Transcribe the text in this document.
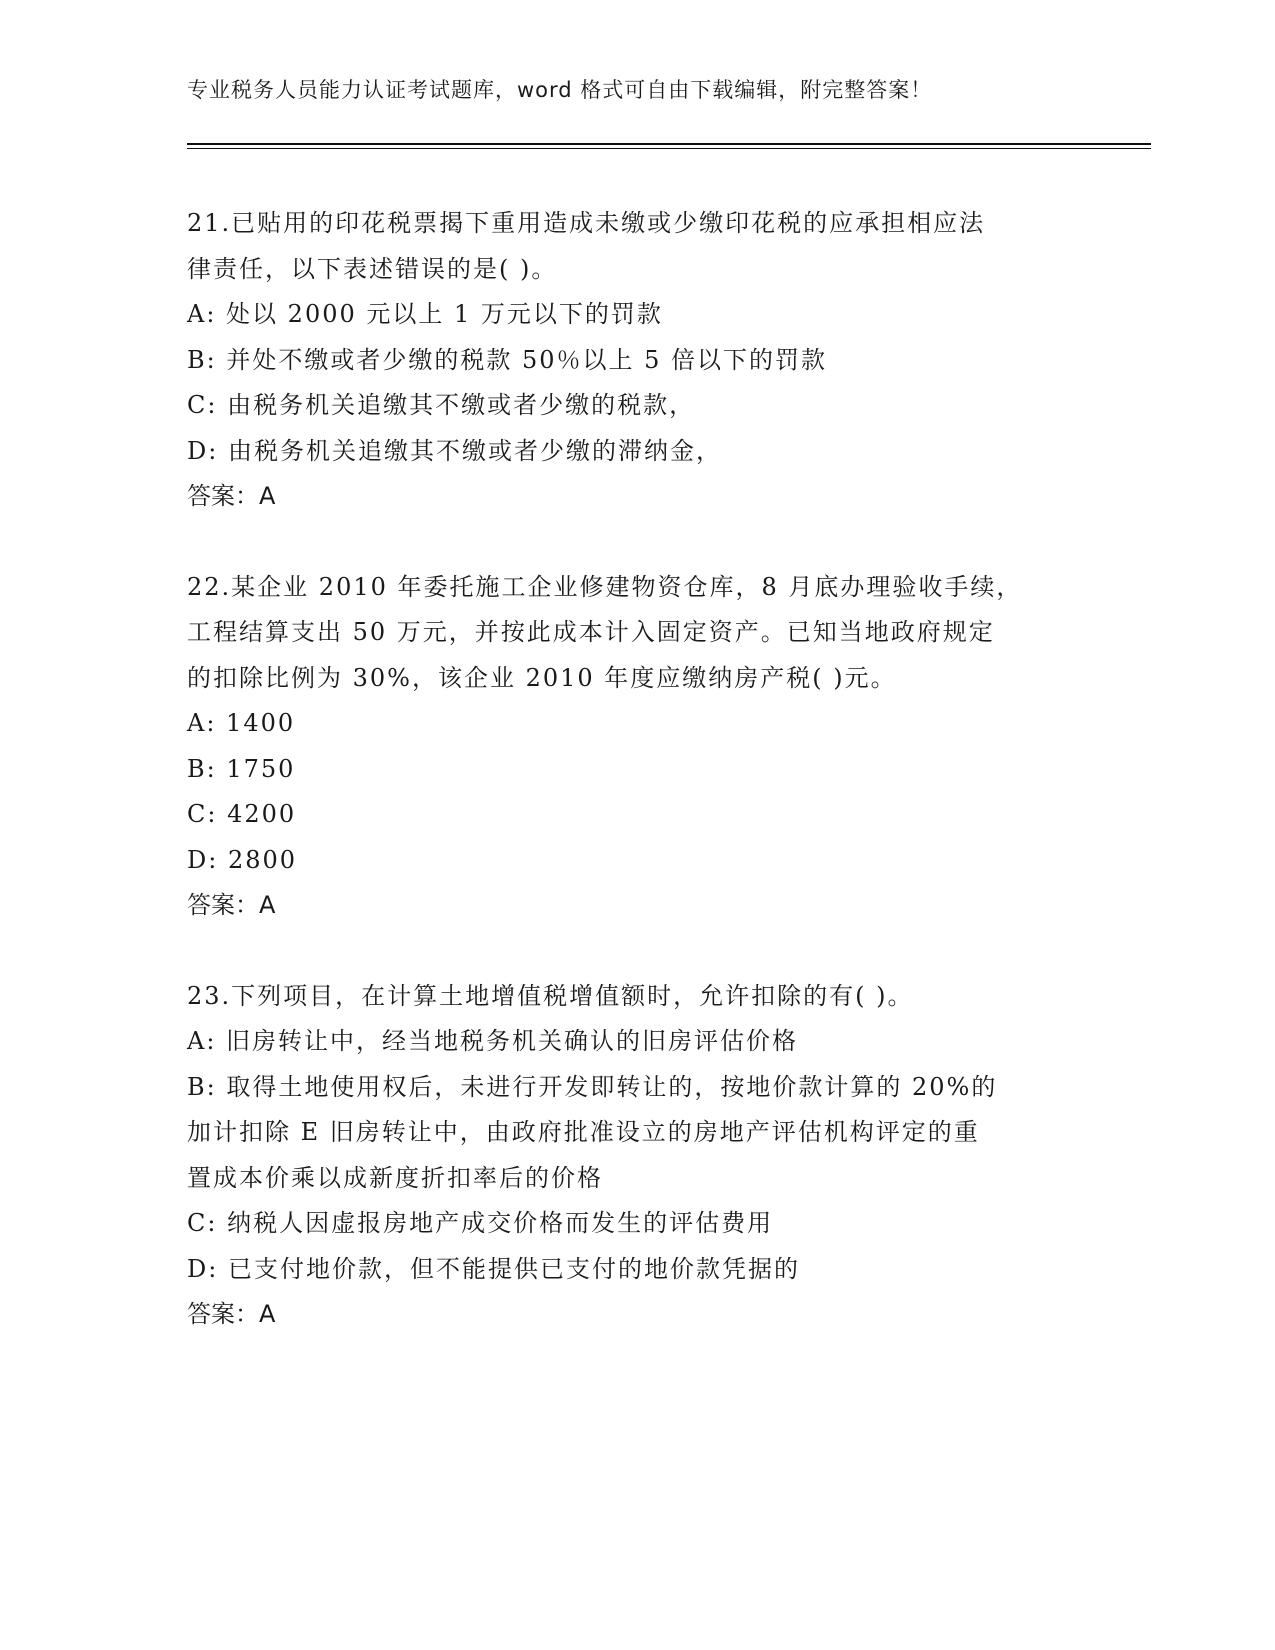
专业税务人员能力认证考试题库，word 格式可自由下载编辑，附完整答案！
21.已贴用的印花税票揭下重用造成未缴或少缴印花税的应承担相应法
律责任，以下表述错误的是( )。
A: 处以 2000 元以上 1 万元以下的罚款
B: 并处不缴或者少缴的税款 50％以上 5 倍以下的罚款
C: 由税务机关追缴其不缴或者少缴的税款，
D: 由税务机关追缴其不缴或者少缴的滞纳金，
答案：A
22.某企业 2010 年委托施工企业修建物资仓库，8 月底办理验收手续，
工程结算支出 50 万元，并按此成本计入固定资产。已知当地政府规定
的扣除比例为 30%，该企业 2010 年度应缴纳房产税( )元。
A: 1400
B: 1750
C: 4200
D: 2800
答案：A
23.下列项目，在计算土地增值税增值额时，允许扣除的有( )。
A: 旧房转让中，经当地税务机关确认的旧房评估价格
B: 取得土地使用权后，未进行开发即转让的，按地价款计算的 20%的
加计扣除 E 旧房转让中，由政府批准设立的房地产评估机构评定的重
置成本价乘以成新度折扣率后的价格
C: 纳税人因虚报房地产成交价格而发生的评估费用
D: 已支付地价款，但不能提供已支付的地价款凭据的
答案：A
